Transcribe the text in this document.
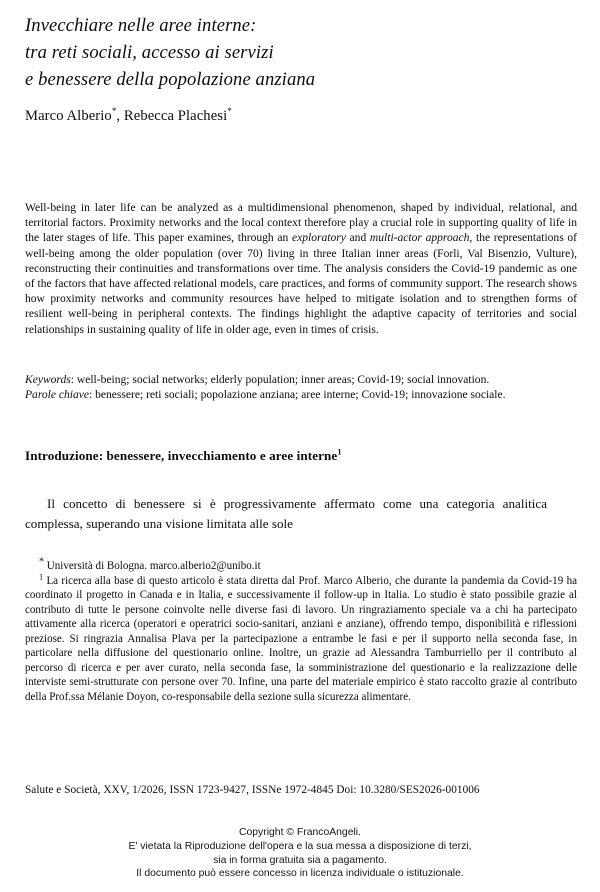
Invecchiare nelle aree interne:
tra reti sociali, accesso ai servizi
e benessere della popolazione anziana
Marco Alberio*, Rebecca Plachesi*
Well-being in later life can be analyzed as a multidimensional phenomenon, shaped by individual, relational, and territorial factors. Proximity networks and the local context therefore play a crucial role in supporting quality of life in the later stages of life. This paper examines, through an exploratory and multi-actor approach, the representations of well-being among the older population (over 70) living in three Italian inner areas (Forli, Val Bisenzio, Vulture), reconstructing their continuities and transformations over time. The analysis considers the Covid-19 pandemic as one of the factors that have affected relational models, care practices, and forms of community support. The research shows how proximity networks and community resources have helped to mitigate isolation and to strengthen forms of resilient well-being in peripheral contexts. The findings highlight the adaptive capacity of territories and social relationships in sustaining quality of life in older age, even in times of crisis.
Keywords: well-being; social networks; elderly population; inner areas; Covid-19; social innovation.
Parole chiave: benessere; reti sociali; popolazione anziana; aree interne; Covid-19; innovazione sociale.
Introduzione: benessere, invecchiamento e aree interne$^1$
Il concetto di benessere si è progressivamente affermato come una categoria analitica complessa, superando una visione limitata alle sole
* Università di Bologna. marco.alberio2@unibo.it
$^1$ La ricerca alla base di questo articolo è stata diretta dal Prof. Marco Alberio, che durante la pandemia da Covid-19 ha coordinato il progetto in Canada e in Italia, e successivamente il follow-up in Italia. Lo studio è stato possibile grazie al contributo di tutte le persone coinvolte nelle diverse fasi di lavoro. Un ringraziamento speciale va a chi ha partecipato attivamente alla ricerca (operatori e operatrici socio-sanitari, anziani e anziane), offrendo tempo, disponibilità e riflessioni preziose. Si ringrazia Annalisa Plava per la partecipazione a entrambe le fasi e per il supporto nella seconda fase, in particolare nella diffusione del questionario online. Inoltre, un grazie ad Alessandra Tamburriello per il contributo al percorso di ricerca e per aver curato, nella seconda fase, la somministrazione del questionario e la realizzazione delle interviste semi-strutturate con persone over 70. Infine, una parte del materiale empirico è stato raccolto grazie al contributo della Prof.ssa Mélanie Doyon, co-responsabile della sezione sulla sicurezza alimentare.
Salute e Società, XXV, 1/2026, ISSN 1723-9427, ISSNe 1972-4845 Doi: 10.3280/SES2026-001006
Copyright © FrancoAngeli.
E' vietata la Riproduzione dell'opera e la sua messa a disposizione di terzi,
sia in forma gratuita sia a pagamento.
Il documento può essere concesso in licenza individuale o istituzionale.
